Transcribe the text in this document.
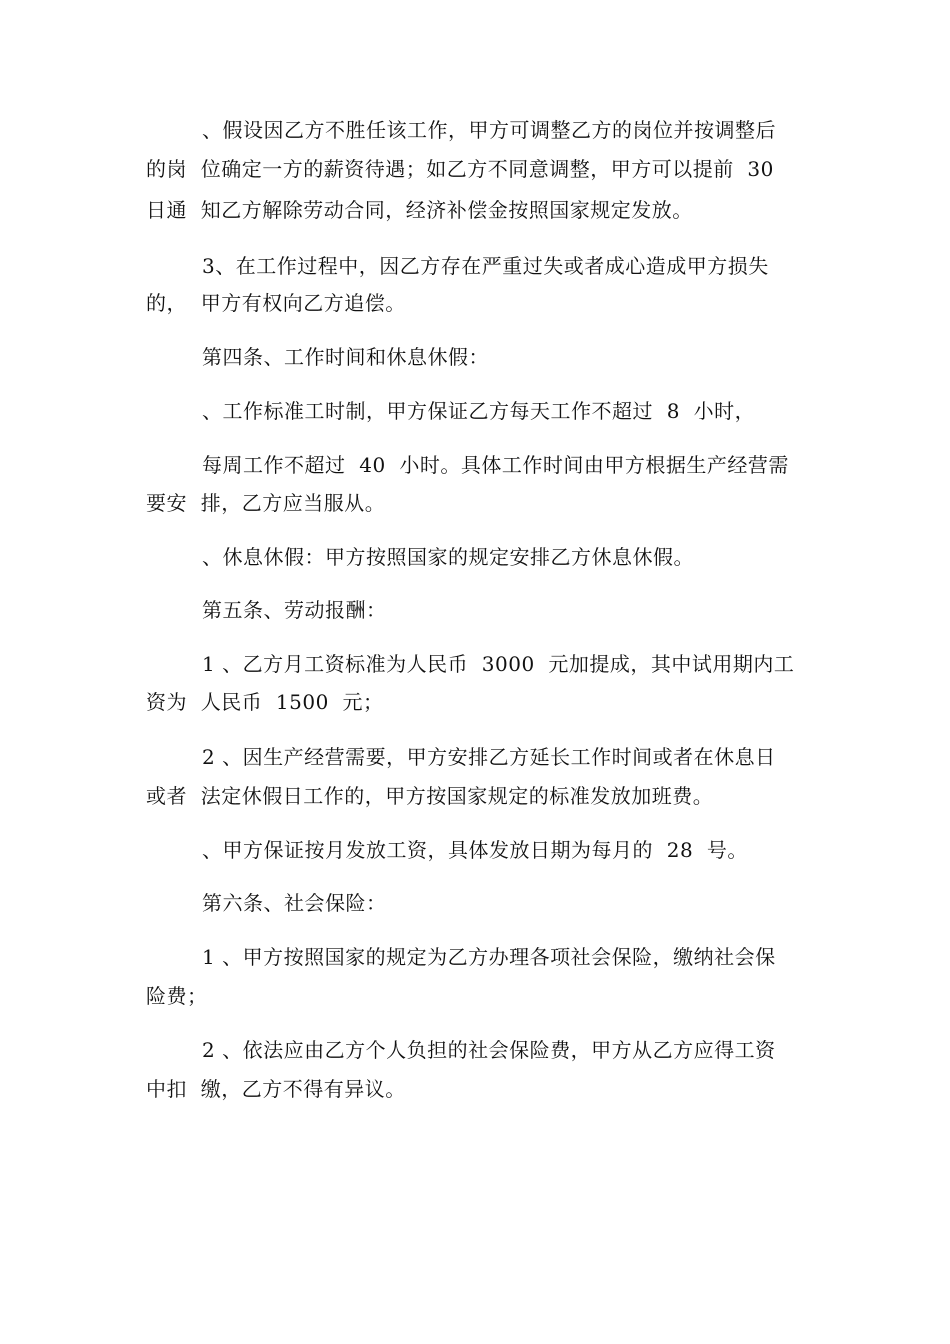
、假设因乙方不胜任该工作，甲方可调整乙方的岗位并按调整后
的岗  位确定一方的薪资待遇；如乙方不同意调整，甲方可以提前  30
日通  知乙方解除劳动合同，经济补偿金按照国家规定发放。
3、在工作过程中，因乙方存在严重过失或者成心造成甲方损失
的，  甲方有权向乙方追偿。
第四条、工作时间和休息休假：
、工作标准工时制，甲方保证乙方每天工作不超过  8  小时，
每周工作不超过  40  小时。具体工作时间由甲方根据生产经营需
要安  排，乙方应当服从。
、休息休假：甲方按照国家的规定安排乙方休息休假。
第五条、劳动报酬：
1 、乙方月工资标准为人民币  3000  元加提成，其中试用期内工
资为  人民币  1500  元；
2 、因生产经营需要，甲方安排乙方延长工作时间或者在休息日
或者  法定休假日工作的，甲方按国家规定的标准发放加班费。
、甲方保证按月发放工资，具体发放日期为每月的  28  号。
第六条、社会保险：
1 、甲方按照国家的规定为乙方办理各项社会保险，缴纳社会保
险费；
2 、依法应由乙方个人负担的社会保险费，甲方从乙方应得工资
中扣  缴，乙方不得有异议。
